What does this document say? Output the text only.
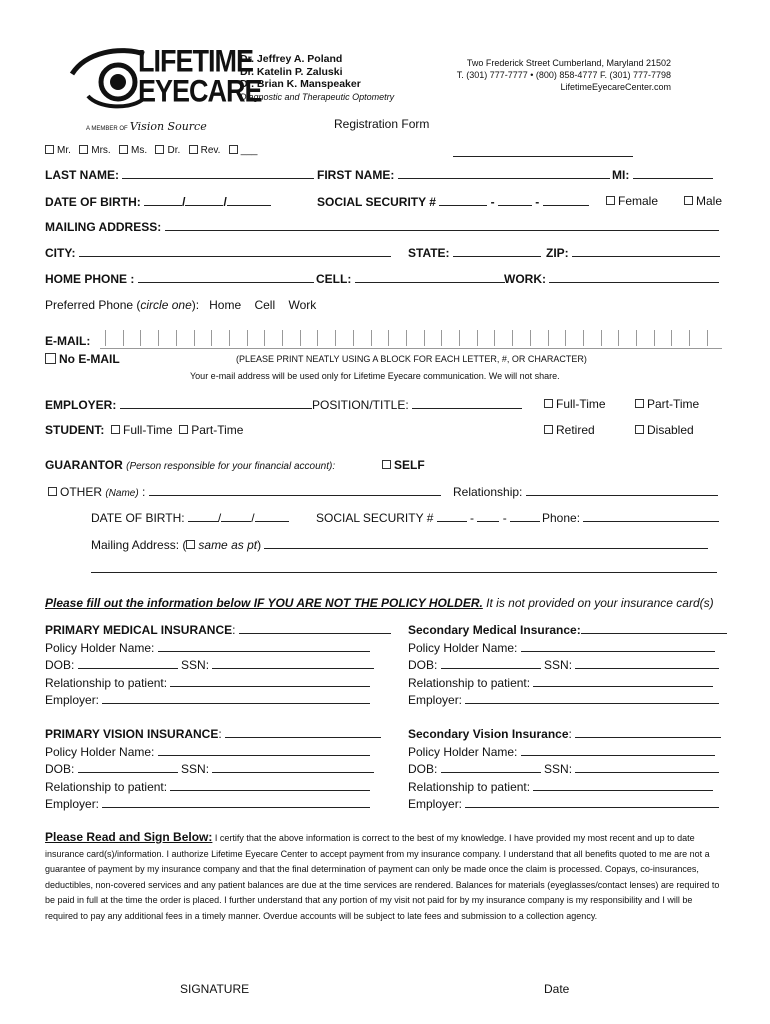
LIFETIME
EYECARE
A MEMBER OF Vision Source
Dr. Jeffrey A. Poland
Dr. Katelin P. Zaluski
Dr. Brian K. Manspeaker
Diagnostic and Therapeutic Optometry
Two Frederick Street Cumberland, Maryland 21502
T. (301) 777-7777 • (800) 858-4777 F. (301) 777-7798
LifetimeEyecareCenter.com
Registration Form
Mr. Mrs. Ms. Dr. Rev. ___
LAST NAME:	FIRST NAME:	MI:
DATE OF BIRTH:	/	/	SOCIAL SECURITY #	-	-	Female	Male
MAILING ADDRESS:
CITY:	STATE:	ZIP:
HOME PHONE :	CELL:	WORK:
Preferred Phone (circle one): Home Cell Work
E-MAIL:
No E-MAIL	(PLEASE PRINT NEATLY USING A BLOCK FOR EACH LETTER, #, OR CHARACTER)
Your e-mail address will be used only for Lifetime Eyecare communication. We will not share.
EMPLOYER:	POSITION/TITLE:	Full-Time	Part-Time
STUDENT: Full-Time Part-Time	Retired	Disabled
GUARANTOR (Person responsible for your financial account):	SELF
OTHER (Name) :	Relationship:
DATE OF BIRTH:	/	/	SOCIAL SECURITY #	-  -	Phone:
Mailing Address: ( same as pt)
Please fill out the information below IF YOU ARE NOT THE POLICY HOLDER. It is not provided on your insurance card(s)
PRIMARY MEDICAL INSURANCE:
Policy Holder Name:
DOB:	SSN:
Relationship to patient:
Employer:
Secondary Medical Insurance:
Policy Holder Name:
DOB:	SSN:
Relationship to patient:
Employer:
PRIMARY VISION INSURANCE:
Policy Holder Name:
DOB:	SSN:
Relationship to patient:
Employer:
Secondary Vision Insurance:
Policy Holder Name:
DOB:	SSN:
Relationship to patient:
Employer:
Please Read and Sign Below: I certify that the above information is correct to the best of my knowledge. I have provided my most recent and up to date insurance card(s)/information. I authorize Lifetime Eyecare Center to accept payment from my insurance company. I understand that all benefits quoted to me are not a guarantee of payment by my insurance company and that the final determination of payment can only be made once the claim is processed. Copays, co-insurances, deductibles, non-covered services and any patient balances are due at the time services are rendered. Balances for materials (eyeglasses/contact lenses) are required to be paid in full at the time the order is placed. I further understand that any portion of my visit not paid for by my insurance company is my responsibility and I will be required to pay any additional fees in a timely manner. Overdue accounts will be subject to late fees and submission to a collection agency.
SIGNATURE	Date
